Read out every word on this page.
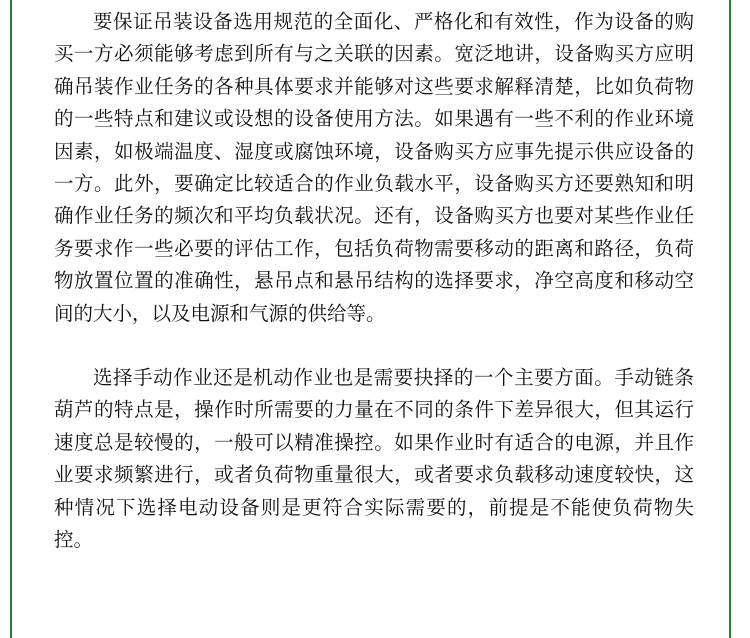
要保证吊装设备选用规范的全面化、严格化和有效性，作为设备的购买一方必须能够考虑到所有与之关联的因素。宽泛地讲，设备购买方应明确吊装作业任务的各种具体要求并能够对这些要求解释清楚，比如负荷物的一些特点和建议或设想的设备使用方法。如果遇有一些不利的作业环境因素，如极端温度、湿度或腐蚀环境，设备购买方应事先提示供应设备的一方。此外，要确定比较适合的作业负载水平，设备购买方还要熟知和明确作业任务的频次和平均负载状况。还有，设备购买方也要对某些作业任务要求作一些必要的评估工作，包括负荷物需要移动的距离和路径，负荷物放置位置的准确性，悬吊点和悬吊结构的选择要求，净空高度和移动空间的大小，以及电源和气源的供给等。

选择手动作业还是机动作业也是需要抉择的一个主要方面。手动链条葫芦的特点是，操作时所需要的力量在不同的条件下差异很大，但其运行速度总是较慢的，一般可以精准操控。如果作业时有适合的电源，并且作业要求频繁进行，或者负荷物重量很大，或者要求负载移动速度较快，这种情况下选择电动设备则是更符合实际需要的，前提是不能使负荷物失控。
